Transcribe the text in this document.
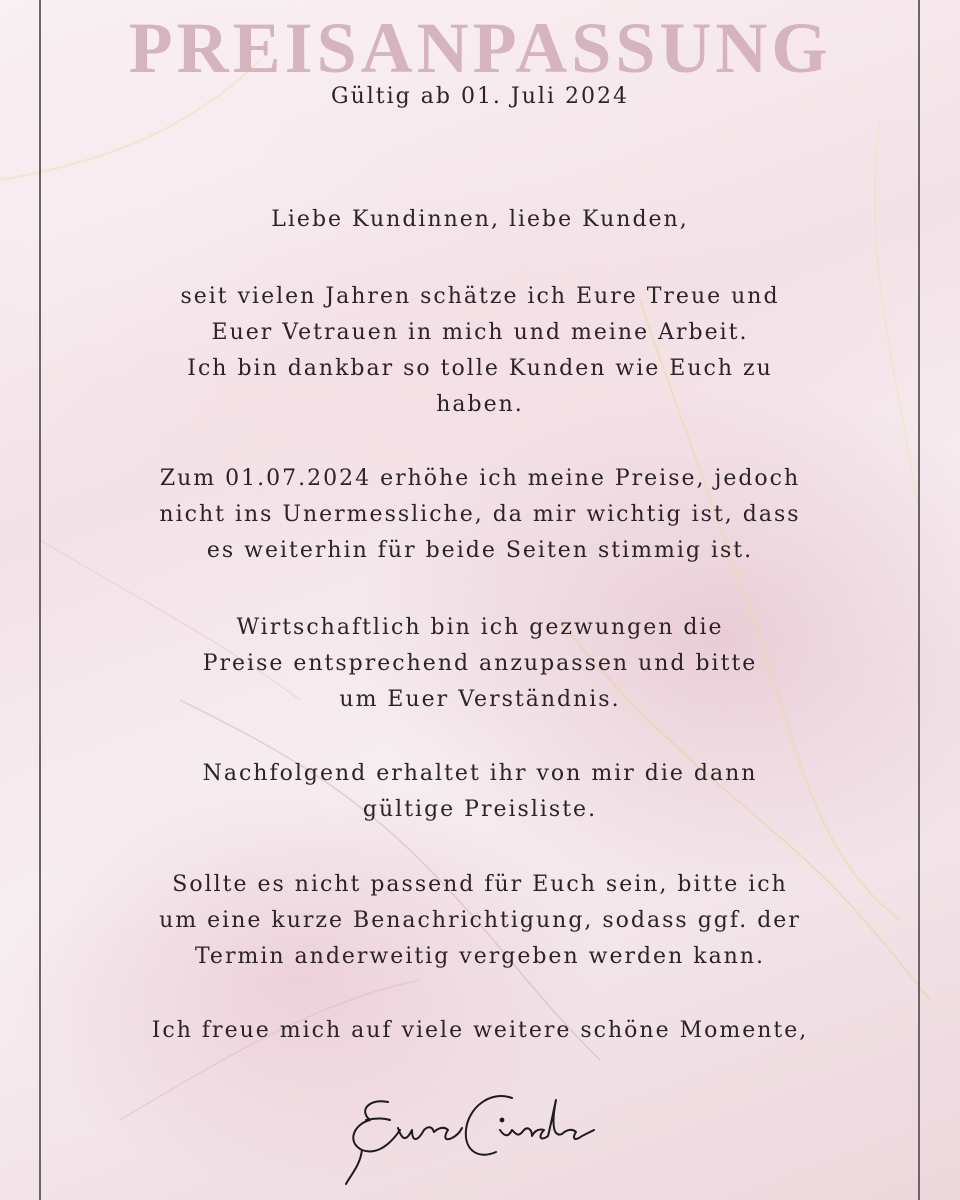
PREISANPASSUNG
Gültig ab 01. Juli 2024
Liebe Kundinnen, liebe Kunden,
seit vielen Jahren schätze ich Eure Treue und
Euer Vetrauen in mich und meine Arbeit.
Ich bin dankbar so tolle Kunden wie Euch zu
haben.
Zum 01.07.2024 erhöhe ich meine Preise, jedoch
nicht ins Unermessliche, da mir wichtig ist, dass
es weiterhin für beide Seiten stimmig ist.
Wirtschaftlich bin ich gezwungen die
Preise entsprechend anzupassen und bitte
um Euer Verständnis.
Nachfolgend erhaltet ihr von mir die dann
gültige Preisliste.
Sollte es nicht passend für Euch sein, bitte ich
um eine kurze Benachrichtigung, sodass ggf. der
Termin anderweitig vergeben werden kann.
Ich freue mich auf viele weitere schöne Momente,
